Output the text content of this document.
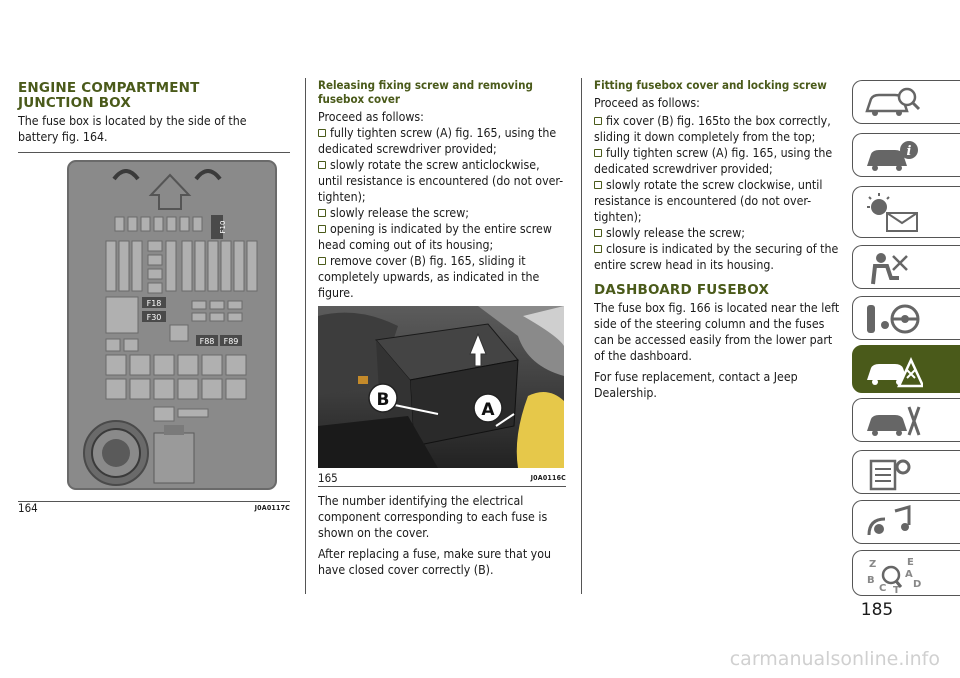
ENGINE COMPARTMENT
JUNCTION BOX

The fuse box is located by the side of the battery fig. 164.

F10
F18
F30
F88 F89
164	J0A0117C
Releasing fixing screw and removing fusebox cover

Proceed as follows:

fully tighten screw (A) fig. 165, using the dedicated screwdriver provided;
slowly rotate the screw anticlockwise, until resistance is encountered (do not over-tighten);
slowly release the screw;
opening is indicated by the entire screw head coming out of its housing;
remove cover (B) fig. 165, sliding it completely upwards, as indicated in the figure.
B	A
165	J0A0116C

The number identifying the electrical component corresponding to each fuse is shown on the cover.

After replacing a fuse, make sure that you have closed cover correctly (B).

Fitting fusebox cover and locking screw

Proceed as follows:

fix cover (B) fig. 165to the box correctly, sliding it down completely from the top;
fully tighten screw (A) fig. 165, using the dedicated screwdriver provided;
slowly rotate the screw clockwise, until resistance is encountered (do not over-tighten);
slowly release the screw;
closure is indicated by the securing of the entire screw head in its housing.
DASHBOARD FUSEBOX

The fuse box fig. 166 is located near the left side of the steering column and the fuses can be accessed easily from the lower part of the dashboard.

For fuse replacement, contact a Jeep Dealership.

i
Z	E
A
B
C	D
T
185
carmanualsonline.info
